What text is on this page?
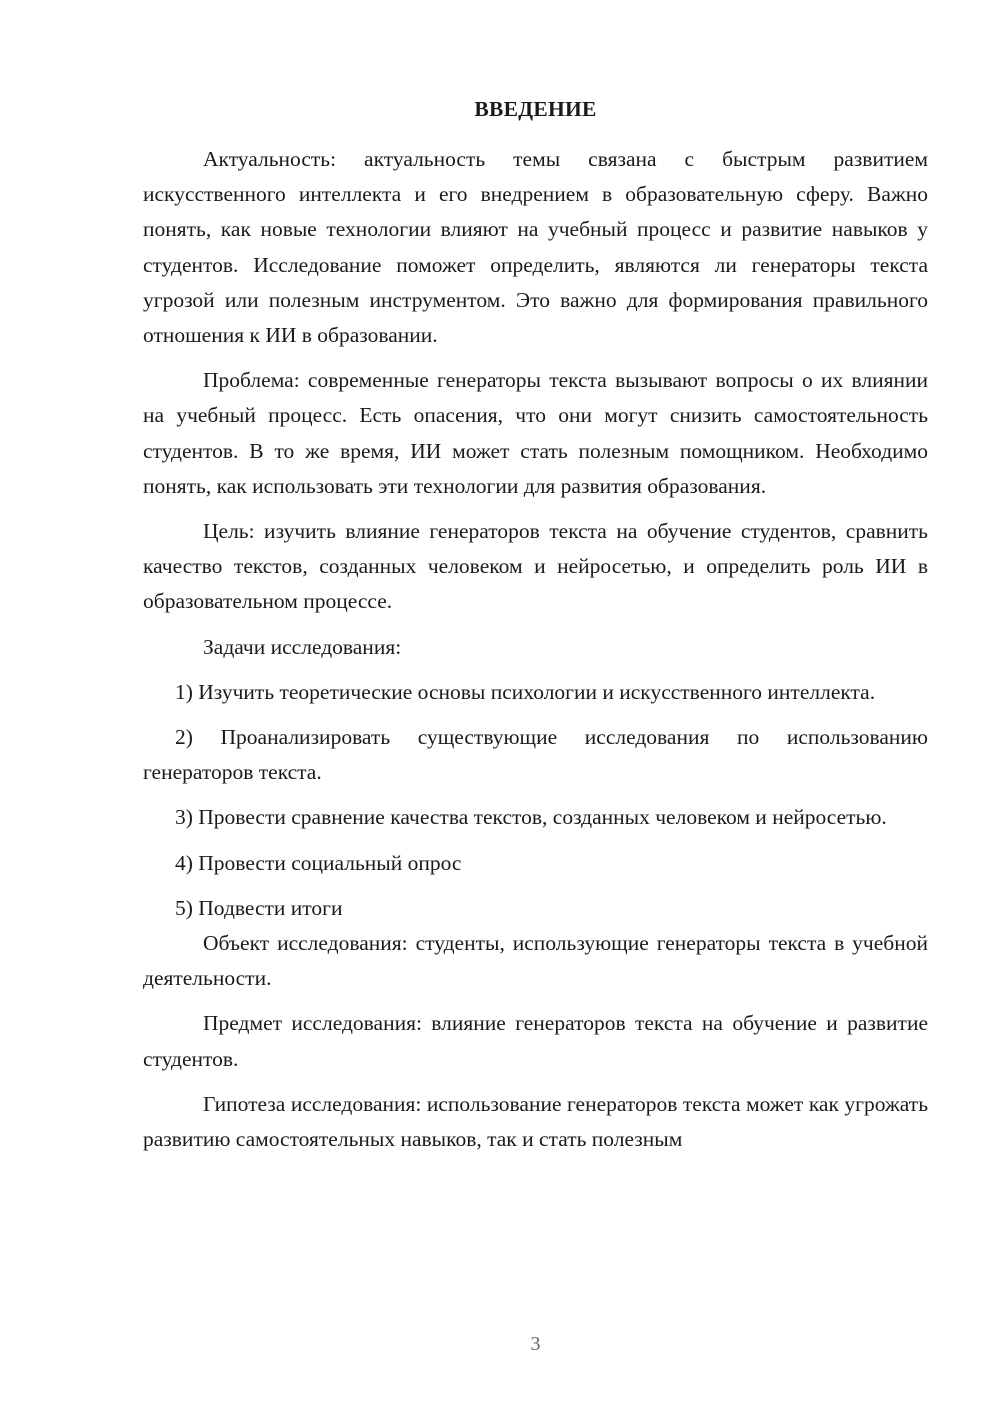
ВВЕДЕНИЕ

Актуальность: актуальность темы связана с быстрым развитием искусственного интеллекта и его внедрением в образовательную сферу. Важно понять, как новые технологии влияют на учебный процесс и развитие навыков у студентов. Исследование поможет определить, являются ли генераторы текста угрозой или полезным инструментом. Это важно для формирования правильного отношения к ИИ в образовании.

Проблема: современные генераторы текста вызывают вопросы о их влиянии на учебный процесс. Есть опасения, что они могут снизить самостоятельность студентов. В то же время, ИИ может стать полезным помощником. Необходимо понять, как использовать эти технологии для развития образования.

Цель: изучить влияние генераторов текста на обучение студентов, сравнить качество текстов, созданных человеком и нейросетью, и определить роль ИИ в образовательном процессе.

Задачи исследования:

1) Изучить теоретические основы психологии и искусственного интеллекта.

2) Проанализировать существующие исследования по использованию генераторов текста.

3) Провести сравнение качества текстов, созданных человеком и нейросетью.

4) Провести социальный опрос

5) Подвести итоги

Объект исследования: студенты, использующие генераторы текста в учебной деятельности.

Предмет исследования: влияние генераторов текста на обучение и развитие студентов.

Гипотеза исследования: использование генераторов текста может как угрожать развитию самостоятельных навыков, так и стать полезным

3
